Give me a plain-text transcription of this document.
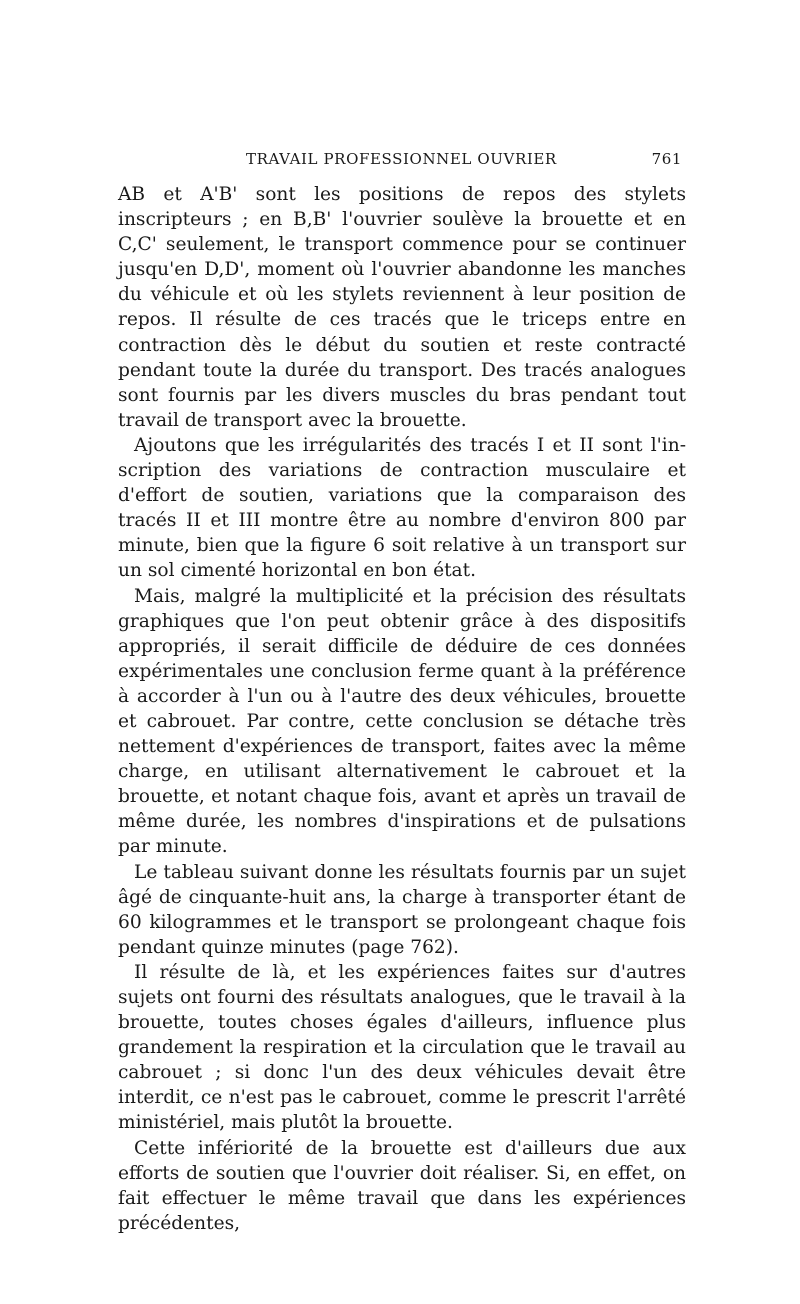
TRAVAIL PROFESSIONNEL OUVRIER	761

AB et A'B' sont les positions de repos des stylets inscripteurs ; en B,B' l'ouvrier soulève la brouette et en C,C' seulement, le transport commence pour se continuer jusqu'en D,D', moment où l'ouvrier abandonne les manches du véhicule et où les stylets reviennent à leur position de repos. Il résulte de ces tracés que le triceps entre en contraction dès le début du soutien et reste contracté pendant toute la durée du transport. Des tracés analogues sont fournis par les divers muscles du bras pendant tout travail de transport avec la brouette.

Ajoutons que les irrégularités des tracés I et II sont l'inscription des variations de contraction musculaire et d'effort de soutien, variations que la comparaison des tracés II et III montre être au nombre d'environ 800 par minute, bien que la figure 6 soit relative à un transport sur un sol cimenté horizontal en bon état.

Mais, malgré la multiplicité et la précision des résultats graphiques que l'on peut obtenir grâce à des dispositifs appropriés, il serait difficile de déduire de ces données expérimentales une conclusion ferme quant à la préférence à accorder à l'un ou à l'autre des deux véhicules, brouette et cabrouet. Par contre, cette conclusion se détache très nettement d'expériences de transport, faites avec la même charge, en utilisant alternativement le cabrouet et la brouette, et notant chaque fois, avant et après un travail de même durée, les nombres d'inspirations et de pulsations par minute.

Le tableau suivant donne les résultats fournis par un sujet âgé de cinquante-huit ans, la charge à transporter étant de 60 kilogrammes et le transport se prolongeant chaque fois pendant quinze minutes (page 762).

Il résulte de là, et les expériences faites sur d'autres sujets ont fourni des résultats analogues, que le travail à la brouette, toutes choses égales d'ailleurs, influence plus grandement la respiration et la circulation que le travail au cabrouet ; si donc l'un des deux véhicules devait être interdit, ce n'est pas le cabrouet, comme le prescrit l'arrêté ministériel, mais plutôt la brouette.

Cette infériorité de la brouette est d'ailleurs due aux efforts de soutien que l'ouvrier doit réaliser. Si, en effet, on fait effectuer le même travail que dans les expériences précédentes,
